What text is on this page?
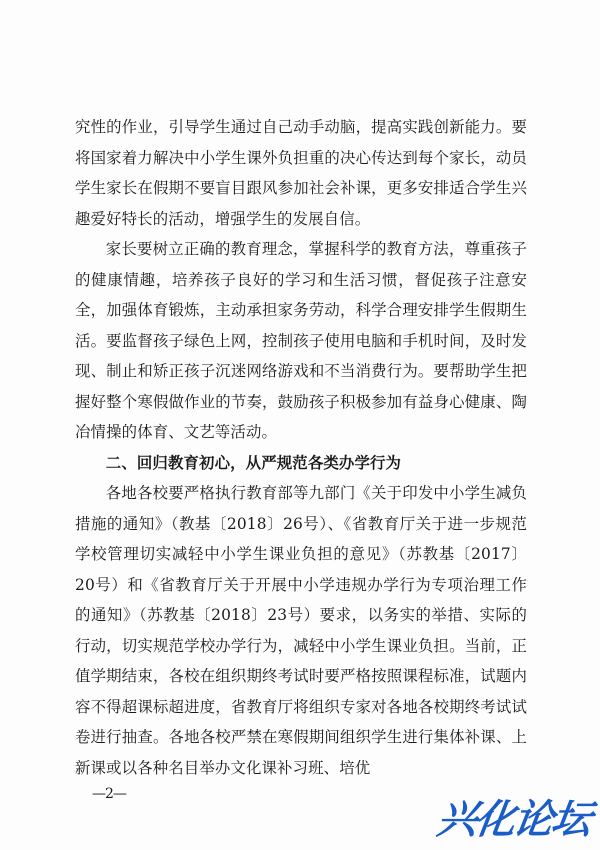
究性的作业，引导学生通过自己动手动脑，提高实践创新能力。要将国家着力解决中小学生课外负担重的决心传达到每个家长，动员学生家长在假期不要盲目跟风参加社会补课，更多安排适合学生兴趣爱好特长的活动，增强学生的发展自信。

家长要树立正确的教育理念，掌握科学的教育方法，尊重孩子的健康情趣，培养孩子良好的学习和生活习惯，督促孩子注意安全，加强体育锻炼，主动承担家务劳动，科学合理安排学生假期生活。要监督孩子绿色上网，控制孩子使用电脑和手机时间，及时发现、制止和矫正孩子沉迷网络游戏和不当消费行为。要帮助学生把握好整个寒假做作业的节奏，鼓励孩子积极参加有益身心健康、陶冶情操的体育、文艺等活动。

二、回归教育初心，从严规范各类办学行为

各地各校要严格执行教育部等九部门《关于印发中小学生减负措施的通知》（教基〔2018〕26号）、《省教育厅关于进一步规范学校管理切实减轻中小学生课业负担的意见》（苏教基〔2017〕20号）和《省教育厅关于开展中小学违规办学行为专项治理工作的通知》（苏教基〔2018〕23号）要求，以务实的举措、实际的行动，切实规范学校办学行为，减轻中小学生课业负担。当前，正值学期结束，各校在组织期终考试时要严格按照课程标准，试题内容不得超课标超进度，省教育厅将组织专家对各地各校期终考试试卷进行抽查。各地各校严禁在寒假期间组织学生进行集体补课、上新课或以各种名目举办文化课补习班、培优

—2—
兴化论坛
